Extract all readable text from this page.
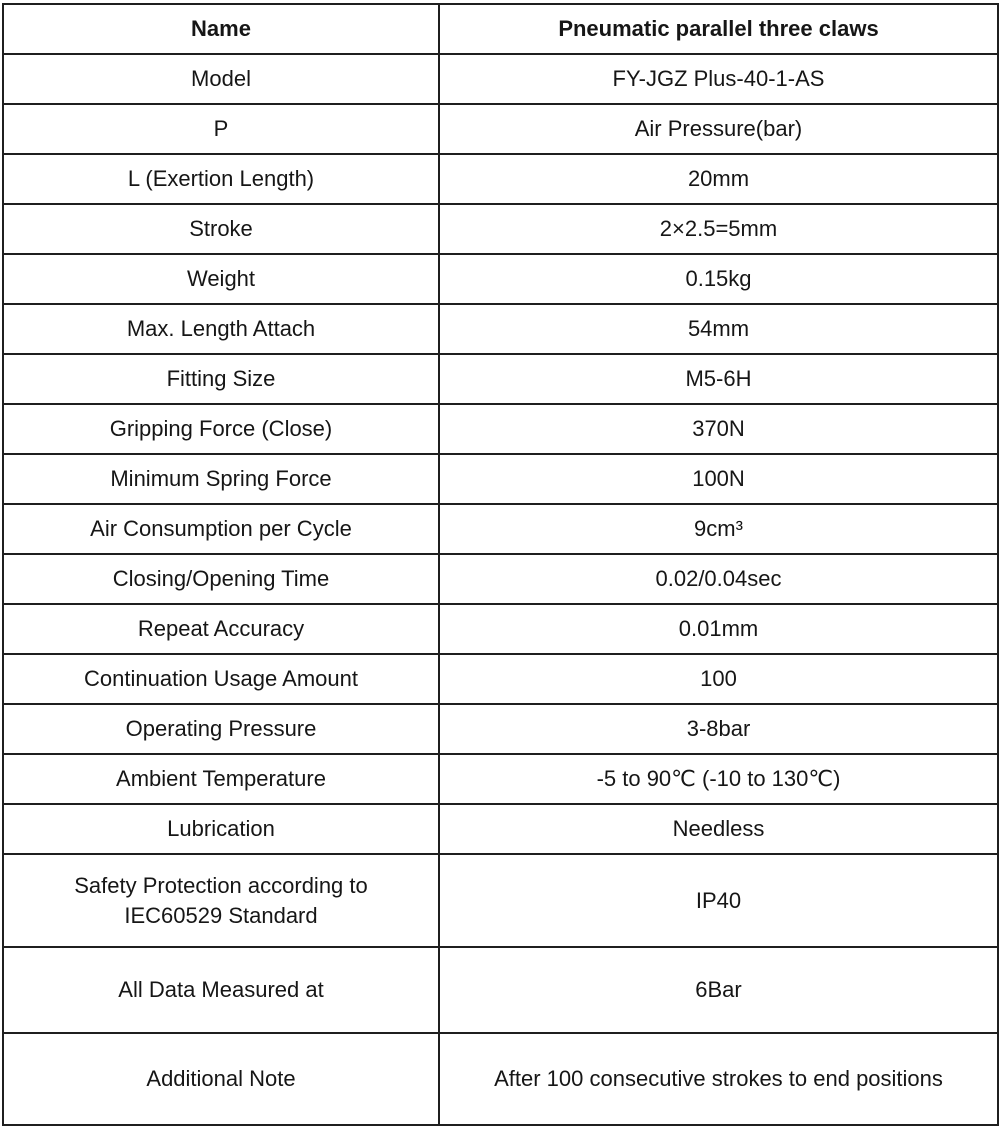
Name	Pneumatic parallel three claws
Model	FY-JGZ Plus-40-1-AS
P	Air Pressure(bar)
L (Exertion Length)	20mm
Stroke	2×2.5=5mm
Weight	0.15kg
Max. Length Attach	54mm
Fitting Size	M5-6H
Gripping Force (Close)	370N
Minimum Spring Force	100N
Air Consumption per Cycle	9cm³
Closing/Opening Time	0.02/0.04sec
Repeat Accuracy	0.01mm
Continuation Usage Amount	100
Operating Pressure	3-8bar
Ambient Temperature	-5 to 90℃ (-10 to 130℃)
Lubrication	Needless
Safety Protection according to IEC60529 Standard	IP40
All Data Measured at	6Bar
Additional Note	After 100 consecutive strokes to end positions
